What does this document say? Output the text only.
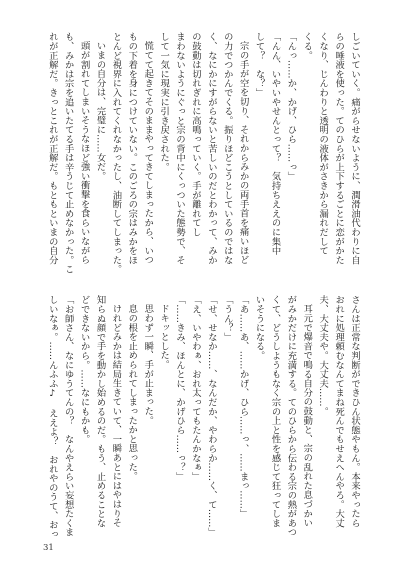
しごいていく。痛がらせないように、潤滑油代わりに自
らの唾液を使った。てのひらが上下するごとに恋がかた
くなり、じんわりと透明の液体がさきから漏れだして
くる。
「んっ……か、かげ、ひら……っ」
「んん、いやいやせんとって？　気持ちええのに集中
して？　な？」
宗の手が空を切り、それからみかの両手首を痛いほど
の力でつかんでくる。振りほどこうとしているのではな
く、なにかにすがらないと苦しいのだとわかって、みか
の鼓動は切れぎれに高鳴っていく。手が離れてし
まわないようにぐっと宗の背中にくっついた態勢で、そ
して一気に現実に引き戻された。
慌てて起きてそのままやってきてしまったから、いつ
もの下着を身につけていない。このごろの宗はみかをほ
とんど視界に入れてくれなかったし、油断してしまった。
いまの自分は、完璧に……女だ。
頭が割れてしまいそうなほど強い衝撃を食らいながら
も、みかは宗を追いたてる手は辛うじて止めなかった。こ
れが正解だ。きっとこれが正解だ。もともといまの自分
さんは正常な判断ができひん状態やもん。本来やったら
おれに処理頼むなんてまね死んでもせえへんやろ。大丈
夫、大丈夫や。大丈夫……。
耳元で爆音で鳴る自分の鼓動と、宗の乱れた息づかい
がみかだけに充満する。てのひらから伝わる宗の熱があつ
くて、どうしようもなく宗の上と性を感じて狂ってしま
いそうになる。
「あ……あ、……かげ、ひら……っ、……まっ……」
「うん？」
「せ、せなか……、なんだか、やわらか……く、て……」
「え、いやわぁ、おれ太ってもたんかなぁ」
「……きみ、ほんとに、かげひら……っ？」
ドキッとした。
思わず一瞬、手が止まった。
息の根を止められてしまったかと思った。
けれどみかは結局生きていて、一瞬あとにはやはりそ
知らぬ顔で手を動かし始めるのだ。もう、止めることな
どできないから。……なにもかも。
「お師さん、なにゆうてんの？　なんやえらい妄想たくま
しいなぁ。……んふふ♪　ええよ？　おれやのうて、おっ
31
